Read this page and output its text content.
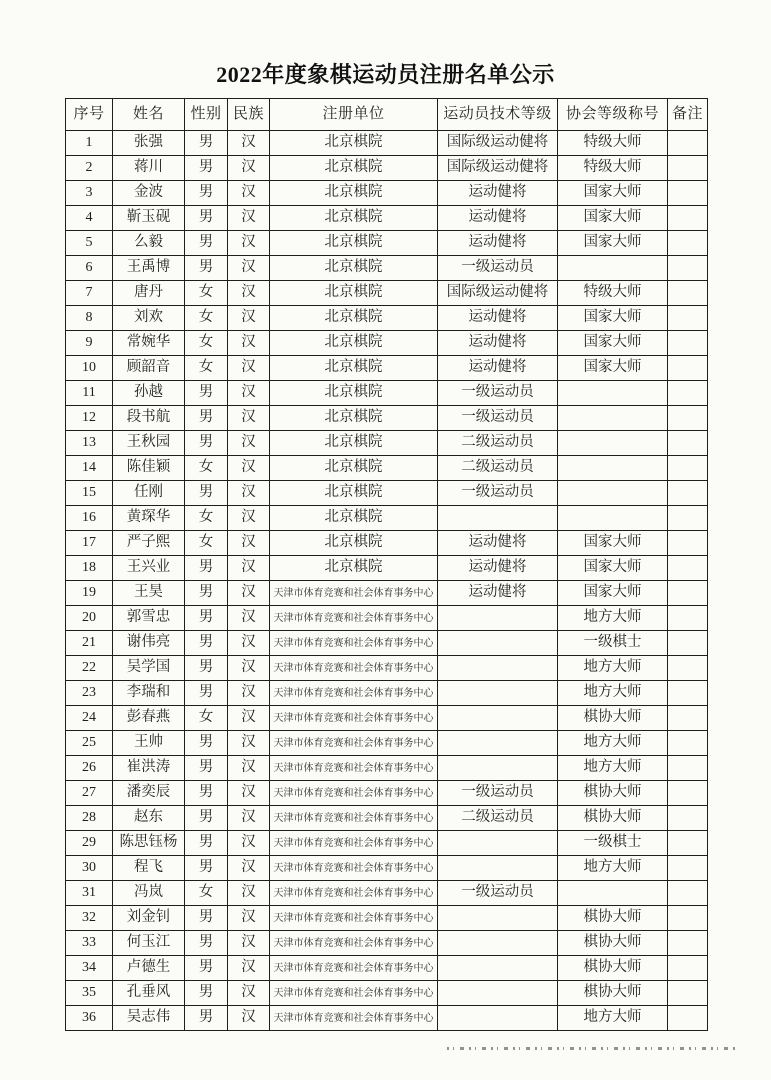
2022年度象棋运动员注册名单公示
序号	姓名	性别	民族	注册单位	运动员技术等级	协会等级称号	备注
1	张强	男	汉	北京棋院	国际级运动健将	特级大师	
2	蒋川	男	汉	北京棋院	国际级运动健将	特级大师	
3	金波	男	汉	北京棋院	运动健将	国家大师	
4	靳玉砚	男	汉	北京棋院	运动健将	国家大师	
5	么毅	男	汉	北京棋院	运动健将	国家大师	
6	王禹博	男	汉	北京棋院	一级运动员		
7	唐丹	女	汉	北京棋院	国际级运动健将	特级大师	
8	刘欢	女	汉	北京棋院	运动健将	国家大师	
9	常婉华	女	汉	北京棋院	运动健将	国家大师	
10	顾韶音	女	汉	北京棋院	运动健将	国家大师	
11	孙越	男	汉	北京棋院	一级运动员		
12	段书航	男	汉	北京棋院	一级运动员		
13	王秋园	男	汉	北京棋院	二级运动员		
14	陈佳颖	女	汉	北京棋院	二级运动员		
15	任刚	男	汉	北京棋院	一级运动员		
16	黄琛华	女	汉	北京棋院			
17	严子熙	女	汉	北京棋院	运动健将	国家大师	
18	王兴业	男	汉	北京棋院	运动健将	国家大师	
19	王昊	男	汉	天津市体育竞赛和社会体育事务中心	运动健将	国家大师	
20	郭雪忠	男	汉	天津市体育竞赛和社会体育事务中心		地方大师	
21	谢伟亮	男	汉	天津市体育竞赛和社会体育事务中心		一级棋士	
22	吴学国	男	汉	天津市体育竞赛和社会体育事务中心		地方大师	
23	李瑞和	男	汉	天津市体育竞赛和社会体育事务中心		地方大师	
24	彭春燕	女	汉	天津市体育竞赛和社会体育事务中心		棋协大师	
25	王帅	男	汉	天津市体育竞赛和社会体育事务中心		地方大师	
26	崔洪涛	男	汉	天津市体育竞赛和社会体育事务中心		地方大师	
27	潘奕辰	男	汉	天津市体育竞赛和社会体育事务中心	一级运动员	棋协大师	
28	赵东	男	汉	天津市体育竞赛和社会体育事务中心	二级运动员	棋协大师	
29	陈思钰杨	男	汉	天津市体育竞赛和社会体育事务中心		一级棋士	
30	程飞	男	汉	天津市体育竞赛和社会体育事务中心		地方大师	
31	冯岚	女	汉	天津市体育竞赛和社会体育事务中心	一级运动员		
32	刘金钊	男	汉	天津市体育竞赛和社会体育事务中心		棋协大师	
33	何玉江	男	汉	天津市体育竞赛和社会体育事务中心		棋协大师	
34	卢德生	男	汉	天津市体育竞赛和社会体育事务中心		棋协大师	
35	孔垂风	男	汉	天津市体育竞赛和社会体育事务中心		棋协大师	
36	吴志伟	男	汉	天津市体育竞赛和社会体育事务中心		地方大师	
